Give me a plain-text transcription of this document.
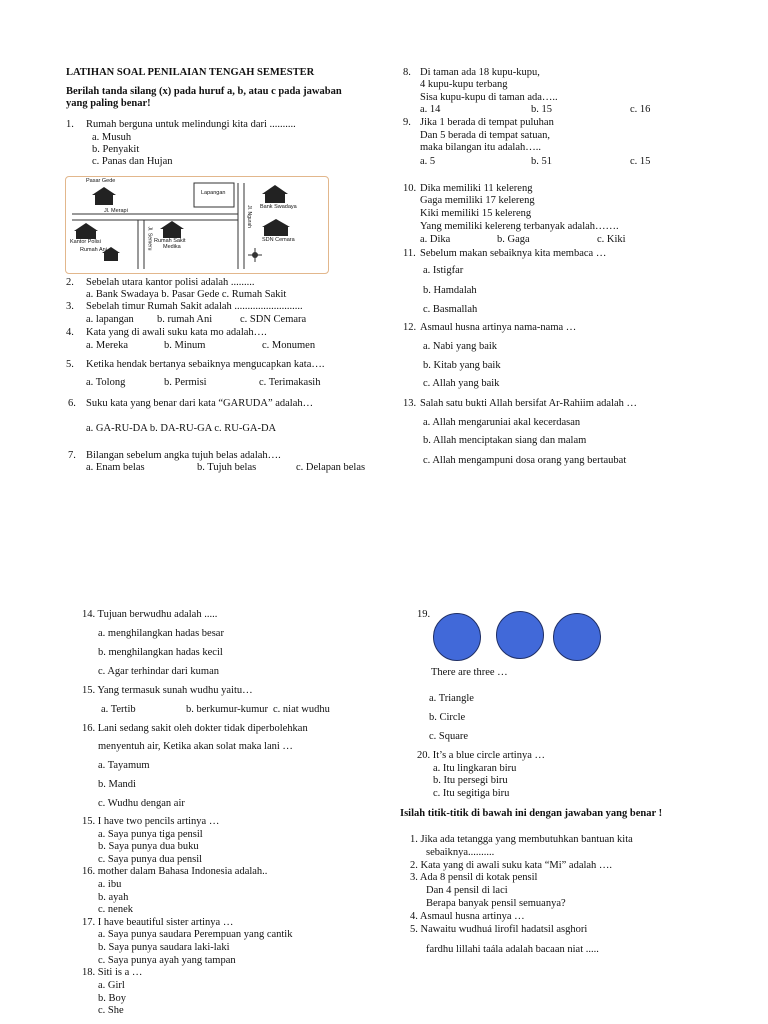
LATIHAN SOAL PENILAIAN TENGAH SEMESTER
Berilah tanda silang (x) pada huruf a, b, atau c pada jawaban
yang paling benar!
1. Rumah berguna untuk melindungi kita dari ..........
a. Musuh
b. Penyakit
c. Panas dan Hujan
Pasar Gede
Lapangan
Bank Swadaya
Jl. Merapi
Kantor Polisi
Rumah Ani
Rumah Sakit
Medika
SDN Cemara
Jl. Semeru
Jl. Ngurah
2. Sebelah utara kantor polisi adalah .........
a. Bank Swadaya b. Pasar Gede c. Rumah Sakit
3. Sebelah timur Rumah Sakit adalah ..........................
a. lapangan b. rumah Ani	c. SDN Cemara
4. Kata yang di awali suku kata mo adalah….
a. Mereka	b. Minum	c. Monumen
5. Ketika hendak bertanya sebaiknya mengucapkan kata….
a. Tolong	b. Permisi	c. Terimakasih
6. Suku kata yang benar dari kata “GARUDA” adalah…
a. GA-RU-DA b. DA-RU-GA c. RU-GA-DA
7. Bilangan sebelum angka tujuh belas adalah….
a. Enam belas	b. Tujuh belas	c. Delapan belas
8. Di taman ada 18 kupu-kupu,
4 kupu-kupu terbang
Sisa kupu-kupu di taman ada…..
a. 14	b. 15	c. 16
9. Jika 1 berada di tempat puluhan
Dan 5 berada di tempat satuan,
maka bilangan itu adalah…..
a. 5	b. 51	c. 15
10. Dika memiliki 11 kelereng
Gaga memiliki 17 kelereng
Kiki memiliki 15 kelereng
Yang memiliki kelereng terbanyak adalah…….
a. Dika	b. Gaga	c. Kiki
11. Sebelum makan sebaiknya kita membaca …
a. Istigfar
b. Hamdalah
c. Basmallah
12. Asmaul husna artinya nama-nama …
a. Nabi yang baik
b. Kitab yang baik
c. Allah yang baik
13. Salah satu bukti Allah bersifat Ar-Rahiim adalah …
a. Allah mengaruniai akal kecerdasan
b. Allah menciptakan siang dan malam
c. Allah mengampuni dosa orang yang bertaubat
14. Tujuan berwudhu adalah .....
a. menghilangkan hadas besar
b. menghilangkan hadas kecil
c. Agar terhindar dari kuman
15. Yang termasuk sunah wudhu yaitu…
a. Tertib	b. berkumur-kumur c. niat wudhu
16. Lani sedang sakit oleh dokter tidak diperbolehkan
menyentuh air, Ketika akan solat maka lani …
a. Tayamum
b. Mandi
c. Wudhu dengan air
15. I have two pencils artinya …
a. Saya punya tiga pensil
b. Saya punya dua buku
c. Saya punya dua pensil
16. mother dalam Bahasa Indonesia adalah..
a. ibu
b. ayah
c. nenek
17. I have beautiful sister artinya …
a. Saya punya saudara Perempuan yang cantik
b. Saya punya saudara laki-laki
c. Saya punya ayah yang tampan
18. Siti is a …
a. Girl
b. Boy
c. She
19.
There are three …
a. Triangle
b. Circle
c. Square
20. It’s a blue circle artinya …
a. Itu lingkaran biru
b. Itu persegi biru
c. Itu segitiga biru
Isilah titik-titik di bawah ini dengan jawaban yang benar !
1. Jika ada tetangga yang membutuhkan bantuan kita
sebaiknya..........
2. Kata yang di awali suku kata “Mi” adalah ….
3. Ada 8 pensil di kotak pensil
Dan 4 pensil di laci
Berapa banyak pensil semuanya?
4. Asmaul husna artinya …
5. Nawaitu wudhuá lirofil hadatsil asghori
fardhu lillahi taála adalah bacaan niat .....
